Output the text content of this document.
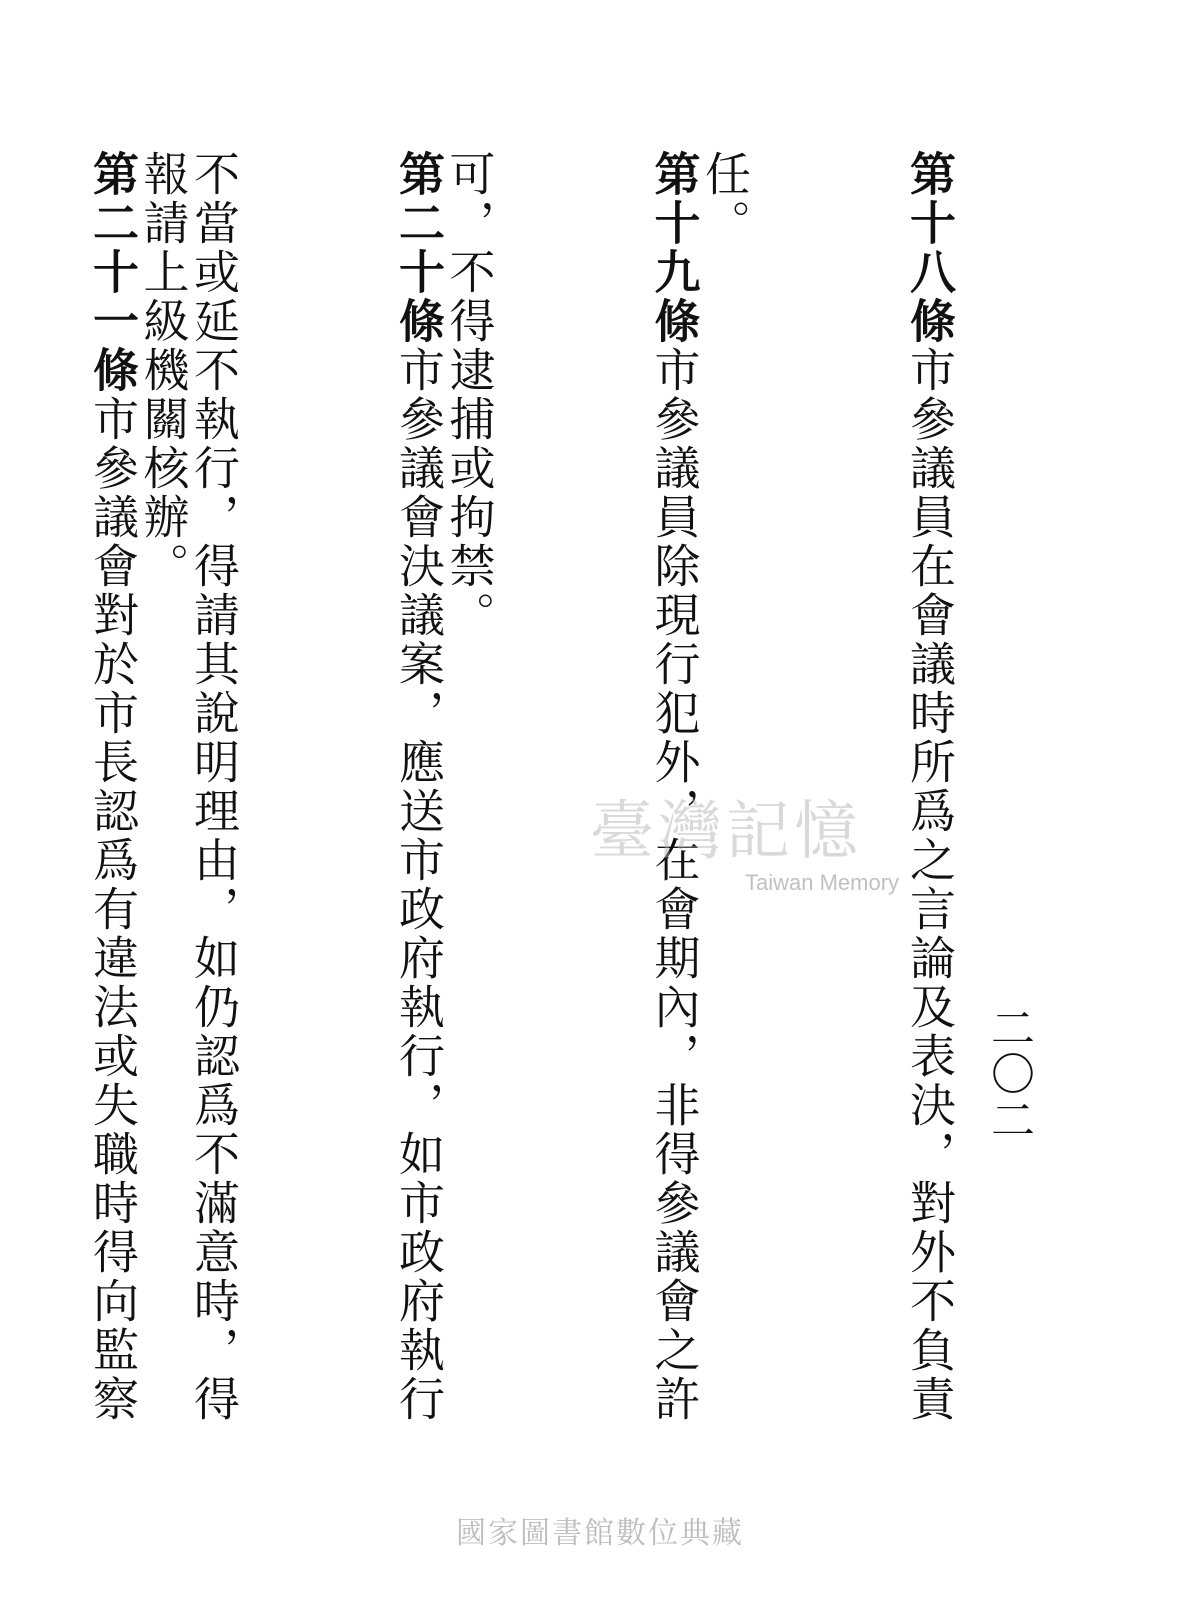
二〇二

第十八條市參議員在會議時所爲之言論及表決，對外不負責任。

第十九條市參議員除現行犯外，在會期內，非得參議會之許可，不得逮捕或拘禁。

第二十條市參議會決議案，應送市政府執行，如市政府執行不當或延不執行，得請其說明理由，如仍認爲不滿意時，得報請上級機關核辦。

第二十一條市參議會對於市長認爲有違法或失職時得向監察

臺灣記憶
Taiwan Memory
國家圖書館數位典藏
